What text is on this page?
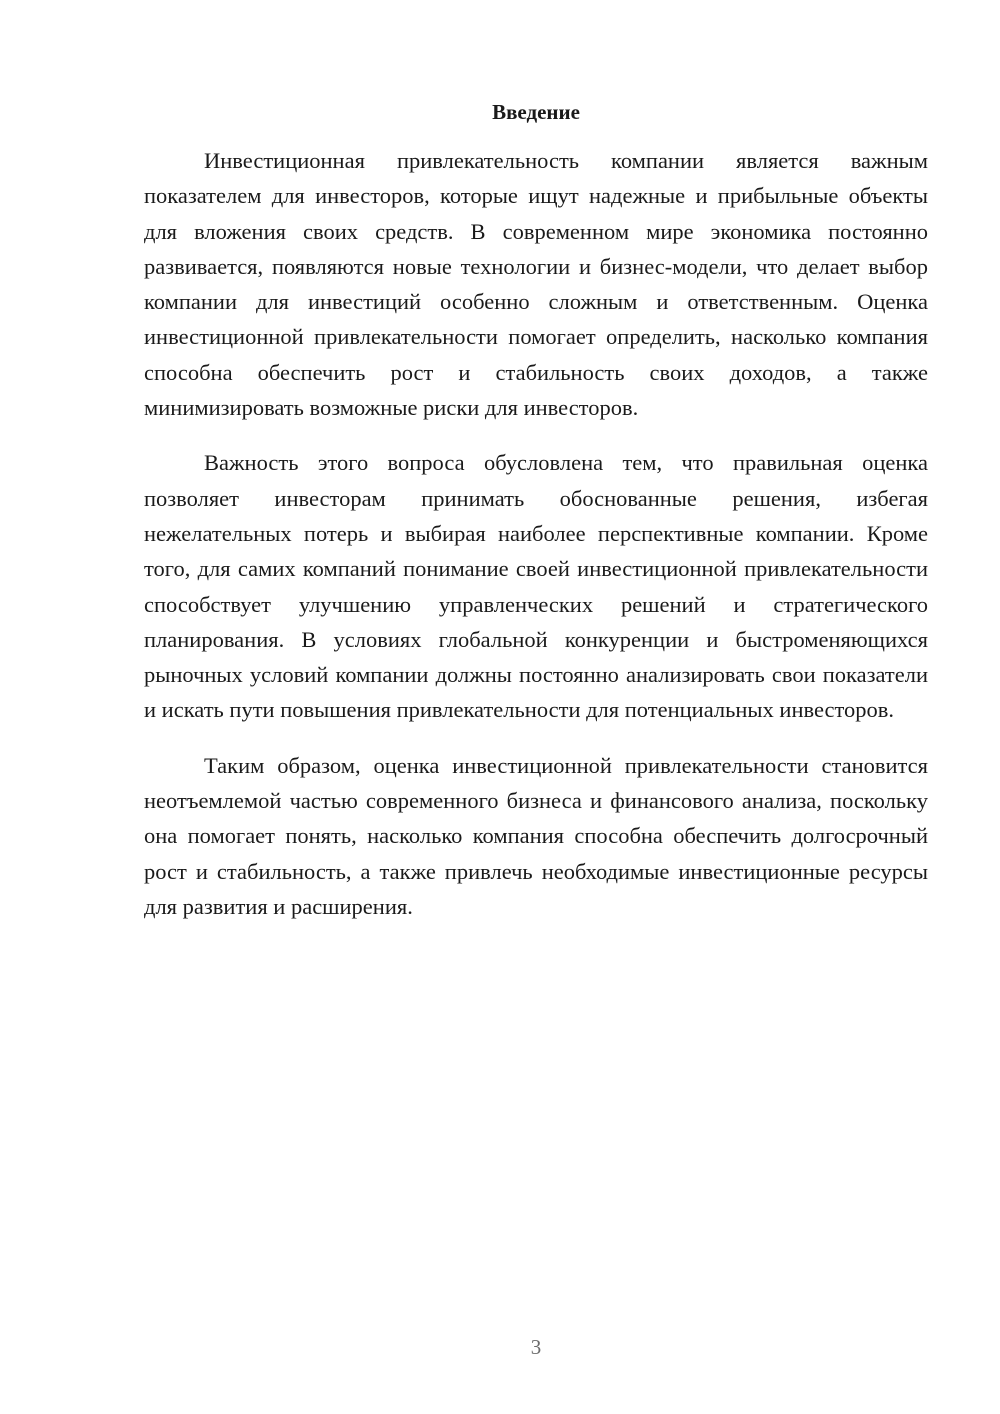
Введение

Инвестиционная привлекательность компании является важным показателем для инвесторов, которые ищут надежные и прибыльные объекты для вложения своих средств. В современном мире экономика постоянно развивается, появляются новые технологии и бизнес-модели, что делает выбор компании для инвестиций особенно сложным и ответственным. Оценка инвестиционной привлекательности помогает определить, насколько компания способна обеспечить рост и стабильность своих доходов, а также минимизировать возможные риски для инвесторов.

Важность этого вопроса обусловлена тем, что правильная оценка позволяет инвесторам принимать обоснованные решения, избегая нежелательных потерь и выбирая наиболее перспективные компании. Кроме того, для самих компаний понимание своей инвестиционной привлекательности способствует улучшению управленческих решений и стратегического планирования. В условиях глобальной конкуренции и быстроменяющихся рыночных условий компании должны постоянно анализировать свои показатели и искать пути повышения привлекательности для потенциальных инвесторов.

Таким образом, оценка инвестиционной привлекательности становится неотъемлемой частью современного бизнеса и финансового анализа, поскольку она помогает понять, насколько компания способна обеспечить долгосрочный рост и стабильность, а также привлечь необходимые инвестиционные ресурсы для развития и расширения.

3
